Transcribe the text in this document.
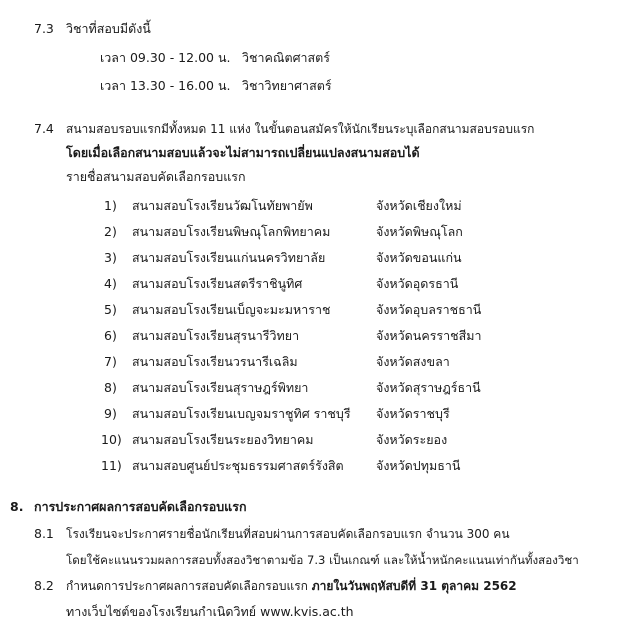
7.3 วิชาที่สอบมีดังนี้
เวลา 09.30 - 12.00 น. วิชาคณิตศาสตร์
เวลา 13.30 - 16.00 น. วิชาวิทยาศาสตร์
7.4 สนามสอบรอบแรกมีทั้งหมด 11 แห่ง ในขั้นตอนสมัครให้นักเรียนระบุเลือกสนามสอบรอบแรก
โดยเมื่อเลือกสนามสอบแล้วจะไม่สามารถเปลี่ยนแปลงสนามสอบได้
รายชื่อสนามสอบคัดเลือกรอบแรก
1) สนามสอบโรงเรียนวัฒโนทัยพายัพ	จังหวัดเชียงใหม่
2) สนามสอบโรงเรียนพิษณุโลกพิทยาคม	จังหวัดพิษณุโลก
3) สนามสอบโรงเรียนแก่นนครวิทยาลัย	จังหวัดขอนแก่น
4) สนามสอบโรงเรียนสตรีราชินูทิศ	จังหวัดอุดรธานี
5) สนามสอบโรงเรียนเบ็ญจะมะมหาราช	จังหวัดอุบลราชธานี
6) สนามสอบโรงเรียนสุรนารีวิทยา	จังหวัดนครราชสีมา
7) สนามสอบโรงเรียนวรนารีเฉลิม	จังหวัดสงขลา
8) สนามสอบโรงเรียนสุราษฎร์พิทยา	จังหวัดสุราษฎร์ธานี
9) สนามสอบโรงเรียนเบญจมราชูทิศ ราชบุรี จังหวัดราชบุรี
10) สนามสอบโรงเรียนระยองวิทยาคม	จังหวัดระยอง
11) สนามสอบศูนย์ประชุมธรรมศาสตร์รังสิต	จังหวัดปทุมธานี
8. การประกาศผลการสอบคัดเลือกรอบแรก
8.1 โรงเรียนจะประกาศรายชื่อนักเรียนที่สอบผ่านการสอบคัดเลือกรอบแรก จำนวน 300 คน
โดยใช้คะแนนรวมผลการสอบทั้งสองวิชาตามข้อ 7.3 เป็นเกณฑ์ และให้น้ำหนักคะแนนเท่ากันทั้งสองวิชา
8.2 กำหนดการประกาศผลการสอบคัดเลือกรอบแรก ภายในวันพฤหัสบดีที่ 31 ตุลาคม 2562
ทางเว็บไซต์ของโรงเรียนกำเนิดวิทย์ www.kvis.ac.th
